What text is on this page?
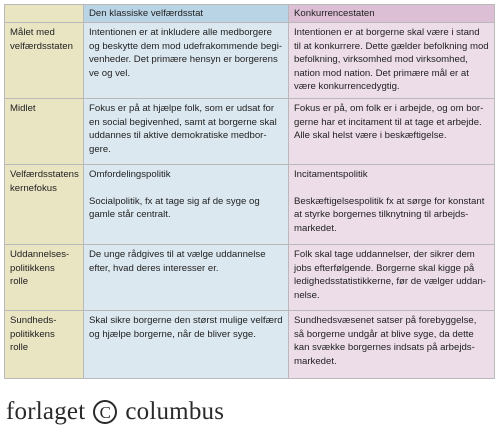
	Den klassiske velfærdsstat	Konkurrencestaten

Målet med
velfærdsstaten	Intentionen er at inkludere alle medborgere
og beskytte dem mod udefrakommende begi-
venheder. Det primære hensyn er borgerens
ve og vel.	Intentionen er at borgerne skal være i stand
til at konkurrere. Dette gælder befolkning mod
befolkning, virksomhed mod virksomhed,
nation mod nation. Det primære mål er at
være konkurrencedygtig.

Midlet	Fokus er på at hjælpe folk, som er udsat for
en social begivenhed, samt at borgerne skal
uddannes til aktive demokratiske medbor-
gere.	Fokus er på, om folk er i arbejde, og om bor-
gerne har et incitament til at tage et arbejde.
Alle skal helst være i beskæftigelse.

Velfærdsstatens
kernefokus	Omfordelingspolitik
Socialpolitik, fx at tage sig af de syge og
gamle står centralt.	Incitamentspolitik
Beskæftigelsespolitik fx at sørge for konstant
at styrke borgernes tilknytning til arbejds-
markedet.

Uddannelses-
politikkens
rolle	De unge rådgives til at vælge uddannelse
efter, hvad deres interesser er.	Folk skal tage uddannelser, der sikrer dem
jobs efterfølgende. Borgerne skal kigge på
ledighedsstatistikkerne, før de vælger uddan-
nelse.

Sundheds-
politikkens
rolle	Skal sikre borgerne den størst mulige velfærd
og hjælpe borgerne, når de bliver syge.	Sundhedsvæsenet satser på forebyggelse,
så borgerne undgår at blive syge, da dette
kan svække borgernes indsats på arbejds-
markedet.
forlaget C columbus
